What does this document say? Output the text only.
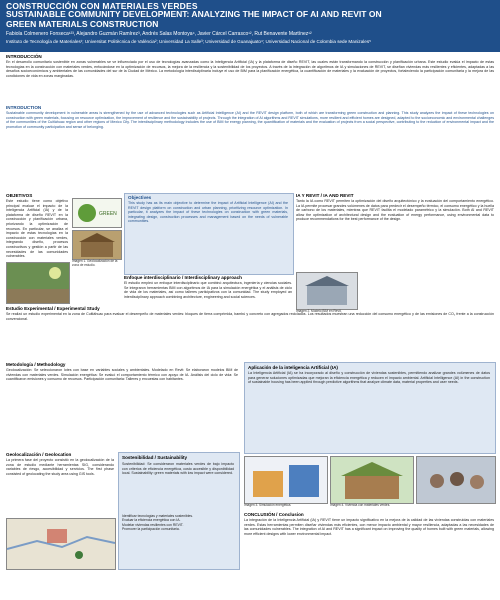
CONSTRUCCIÓN CON MATERIALES VERDES
SUSTAINABLE COMMUNITY DEVELOPMENT: ANALYZING THE IMPACT OF AI AND REVIT ON
GREEN MATERIALS CONSTRUCTION
Fabiola Colmenero Fonseca¹²³, Alejandro Guzmán Ramírez³, Andrés Salas Montoya⁴, Javier Cárcel Carrasco¹², Rut Benavente Martínez¹²
Instituto de Tecnología de Materiales¹; Universitat Politècnica de València²; Universidad La Salle³; Universidad de Guanajuato⁴; Universidad Nacional de Colombia sede Manizales⁵
INTRODUCCIÓN
En el desarrollo comunitario sostenible en zonas vulnerables se ve influenciado por el uso de tecnologías avanzadas como la Inteligencia Artificial (IA) y la plataforma de diseño REVIT, las cuales están transformando la construcción y planificación urbana. Este estudio evalúa el impacto de estas tecnologías en la construcción con materiales verdes, enfocándose en la optimización de recursos, la mejora de la resiliencia y la sostenibilidad de los proyectos. A través de la integración de algoritmos de IA y simulaciones de REVIT, se diseñan viviendas más resilientes y eficientes, adaptadas a las desafíos socioeconómicos y ambientales de las comunidades del sur de la Ciudad de México. La metodología interdisciplinaria incluye el uso de BIM para la planificación energética, la cuantificación de materiales y la evaluación de proyectos, fortaleciendo la participación comunitaria y la mejora de las condiciones de vida en zonas marginadas.
INTRODUCTION
Sustainable community development in vulnerable areas is strengthened by the use of advanced technologies such as Artificial Intelligence (AI) and the REVIT design platform, both of which are transforming green construction and planning. This study analyzes the impact of these technologies on construction with green materials, focusing on resource optimization, the improvement of resilience and the sustainability of projects. Through the integration of AI algorithms and REVIT simulations, more resilient and efficient homes are designed, adapted to the socioeconomic and environmental challenges of the communities of the Cuitláhuac region and other regions of Mexico City. The interdisciplinary methodology includes the use of BIM for energy planning, the quantification of materials and the evaluation of projects from a social perspective, contributing to the reduction of environmental impact and the promotion of community participation and sense of belonging.
OBJETIVOS
Este estudio tiene como objetivo principal evaluar el impacto de la Inteligencia Artificial (IA) y de la plataforma de diseño REVIT en la construcción y planificación urbana, priorizando la optimización de recursos. En particular, se analiza el impacto de estas tecnologías en la construcción con materiales verdes, integrando diseño, procesos constructivos y gestión a partir de las necesidades de las comunidades vulnerables.
GREEN
Imagen 1. Geolocalización de la zona de estudio.
Estudio Experimental / Experimental Study
Se realizó un estudio experimental en la zona de Cuitláhuac para evaluar el desempeño de materiales verdes: bloques de tierra comprimida, bambú y concreto con agregados reciclados. Los resultados muestran una reducción del consumo energético y de las emisiones de CO₂ frente a la construcción convencional.
Metodología / Methodology
Geolocalización: Se seleccionaron lotes con base en variables sociales y ambientales. Modelado en Revit: Se elaboraron modelos BIM de viviendas con materiales verdes. Simulación energética: Se evaluó el comportamiento térmico con apoyo de IA. Análisis del ciclo de vida: Se cuantificaron emisiones y consumo de recursos. Participación comunitaria: Talleres y encuestas con habitantes.
Geolocalización / Geolocation
La primera fase del proyecto consistió en la geolocalización de la zona de estudio mediante herramientas SIG, considerando variables de riesgo, accesibilidad y servicios. The first phase consisted of geolocating the study area using GIS tools.
Sostenibilidad / Sustainability
Sostenibilidad: Se consideraron materiales verdes de bajo impacto con criterios de eficiencia energética, costo accesible y disponibilidad local. Sustainability: green materials with low impact were considered.
Identificar tecnologías y materiales sostenibles.
Evaluar la eficiencia energética con IA.
Modelar viviendas resilientes con REVIT.
Promover la participación comunitaria.
Objectives
This study has as its main objective to determine the impact of Artificial Intelligence (AI) and the REVIT design platform on construction and urban planning, prioritizing resource optimization. In particular, it analyzes the impact of these technologies on construction with green materials, integrating design, construction processes and management based on the needs of vulnerable communities.
Enfoque interdisciplinario / Interdisciplinary approach
El estudio empleó un enfoque interdisciplinario que combinó arquitectura, ingeniería y ciencias sociales. Se integraron herramientas BIM con algoritmos de IA para la simulación energética y el análisis de ciclo de vida de los materiales, así como talleres participativos con la comunidad. The study employed an interdisciplinary approach combining architecture, engineering and social sciences.
IA Y REVIT / IA AND REVIT
Tanto la IA como REVIT permiten la optimización del diseño arquitectónico y la evaluación del comportamiento energético. La IA permite procesar grandes volúmenes de datos para predecir el desempeño térmico, el consumo energético y la huella de carbono de los materiales, mientras que REVIT facilita el modelado paramétrico y la simulación. Both AI and REVIT allow the optimization of architectural design and the evaluation of energy performance, using environmental data to produce recommendations for the best performance of the design.
Imagen 2. Modelo BIM en Revit.
Aplicación de la inteligencia Artificial (IA)
La Inteligencia Artificial (IA) se ha incorporado al diseño y construcción de viviendas sostenibles, permitiendo analizar grandes volúmenes de datos para generar soluciones optimizadas que mejoran la eficiencia energética y reducen el impacto ambiental. Artificial Intelligence (AI) in the construction of sustainable housing has been applied through predictive algorithms that analyze climate data, material properties and user needs.
Imagen 3. Simulación energética.	Imagen 4. Vivienda con materiales verdes.
CONCLUSIÓN / Conclusion
La integración de la Inteligencia Artificial (IA) y REVIT tiene un impacto significativo en la mejora de la calidad de las viviendas construidas con materiales verdes. Estas herramientas permiten diseñar viviendas más eficientes, con menor impacto ambiental y mayor resiliencia, adaptadas a las necesidades de las comunidades vulnerables. The integration of AI and REVIT has a significant impact on improving the quality of homes built with green materials, allowing more efficient designs with lower environmental impact.
